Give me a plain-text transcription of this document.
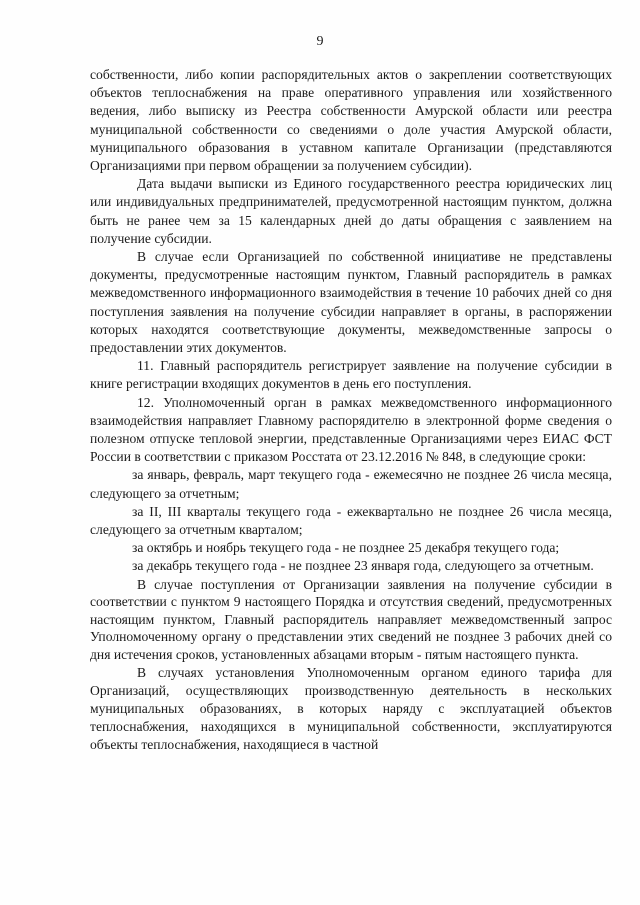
9

собственности, либо копии распорядительных актов о закреплении соответствующих объектов теплоснабжения на праве оперативного управления или хозяйственного ведения, либо выписку из Реестра собственности Амурской области или реестра муниципальной собственности со сведениями о доле участия Амурской области, муниципального образования в уставном капитале Организации (представляются Организациями при первом обращении за получением субсидии).

Дата выдачи выписки из Единого государственного реестра юридических лиц или индивидуальных предпринимателей, предусмотренной настоящим пунктом, должна быть не ранее чем за 15 календарных дней до даты обращения с заявлением на получение субсидии.

В случае если Организацией по собственной инициативе не представлены документы, предусмотренные настоящим пунктом, Главный распорядитель в рамках межведомственного информационного взаимодействия в течение 10 рабочих дней со дня поступления заявления на получение субсидии направляет в органы, в распоряжении которых находятся соответствующие документы, межведомственные запросы о предоставлении этих документов.

11. Главный распорядитель регистрирует заявление на получение субсидии в книге регистрации входящих документов в день его поступления.

12. Уполномоченный орган в рамках межведомственного информационного взаимодействия направляет Главному распорядителю в электронной форме сведения о полезном отпуске тепловой энергии, представленные Организациями через ЕИАС ФСТ России в соответствии с приказом Росстата от 23.12.2016 № 848, в следующие сроки:

за январь, февраль, март текущего года - ежемесячно не позднее 26 числа месяца, следующего за отчетным;

за II, III кварталы текущего года - ежеквартально не позднее 26 числа месяца, следующего за отчетным кварталом;

за октябрь и ноябрь текущего года - не позднее 25 декабря текущего года;

за декабрь текущего года - не позднее 23 января года, следующего за отчетным.

В случае поступления от Организации заявления на получение субсидии в соответствии с пунктом 9 настоящего Порядка и отсутствия сведений, предусмотренных настоящим пунктом, Главный распорядитель направляет межведомственный запрос Уполномоченному органу о представлении этих сведений не позднее 3 рабочих дней со дня истечения сроков, установленных абзацами вторым - пятым настоящего пункта.

В случаях установления Уполномоченным органом единого тарифа для Организаций, осуществляющих производственную деятельность в нескольких муниципальных образованиях, в которых наряду с эксплуатацией объектов теплоснабжения, находящихся в муниципальной собственности, эксплуатируются объекты теплоснабжения, находящиеся в частной
